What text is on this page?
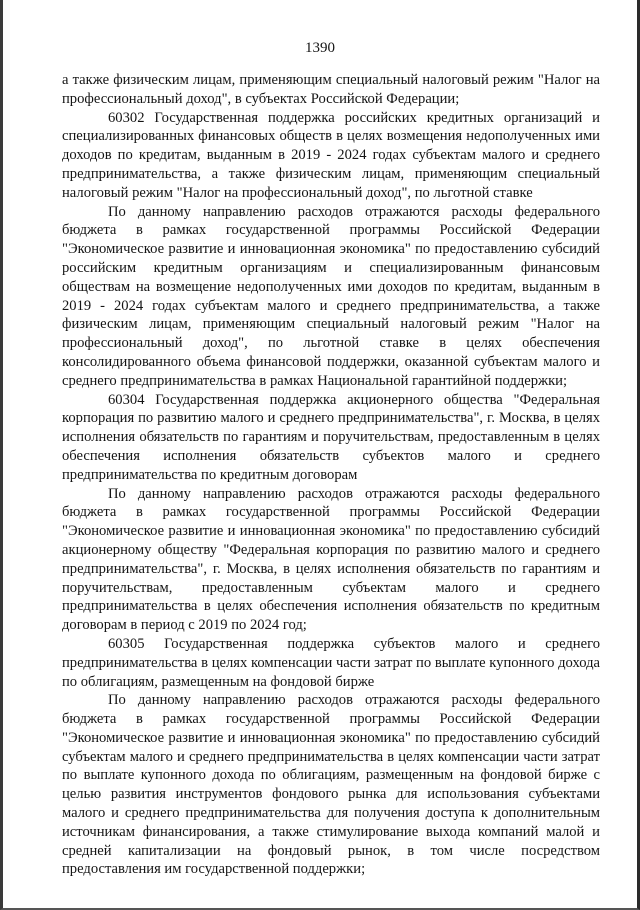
1390

а также физическим лицам, применяющим специальный налоговый режим "Налог на профессиональный доход", в субъектах Российской Федерации;

60302 Государственная поддержка российских кредитных организаций и специализированных финансовых обществ в целях возмещения недополученных ими доходов по кредитам, выданным в 2019 - 2024 годах субъектам малого и среднего предпринимательства, а также физическим лицам, применяющим специальный налоговый режим "Налог на профессиональный доход", по льготной ставке

По данному направлению расходов отражаются расходы федерального бюджета в рамках государственной программы Российской Федерации "Экономическое развитие и инновационная экономика" по предоставлению субсидий российским кредитным организациям и специализированным финансовым обществам на возмещение недополученных ими доходов по кредитам, выданным в 2019 - 2024 годах субъектам малого и среднего предпринимательства, а также физическим лицам, применяющим специальный налоговый режим "Налог на профессиональный доход", по льготной ставке в целях обеспечения консолидированного объема финансовой поддержки, оказанной субъектам малого и среднего предпринимательства в рамках Национальной гарантийной поддержки;

60304 Государственная поддержка акционерного общества "Федеральная корпорация по развитию малого и среднего предпринимательства", г. Москва, в целях исполнения обязательств по гарантиям и поручительствам, предоставленным в целях обеспечения исполнения обязательств субъектов малого и среднего предпринимательства по кредитным договорам

По данному направлению расходов отражаются расходы федерального бюджета в рамках государственной программы Российской Федерации "Экономическое развитие и инновационная экономика" по предоставлению субсидий акционерному обществу "Федеральная корпорация по развитию малого и среднего предпринимательства", г. Москва, в целях исполнения обязательств по гарантиям и поручительствам, предоставленным субъектам малого и среднего предпринимательства в целях обеспечения исполнения обязательств по кредитным договорам в период с 2019 по 2024 год;

60305 Государственная поддержка субъектов малого и среднего предпринимательства в целях компенсации части затрат по выплате купонного дохода по облигациям, размещенным на фондовой бирже

По данному направлению расходов отражаются расходы федерального бюджета в рамках государственной программы Российской Федерации "Экономическое развитие и инновационная экономика" по предоставлению субсидий субъектам малого и среднего предпринимательства в целях компенсации части затрат по выплате купонного дохода по облигациям, размещенным на фондовой бирже с целью развития инструментов фондового рынка для использования субъектами малого и среднего предпринимательства для получения доступа к дополнительным источникам финансирования, а также стимулирование выхода компаний малой и средней капитализации на фондовый рынок, в том числе посредством предоставления им государственной поддержки;
